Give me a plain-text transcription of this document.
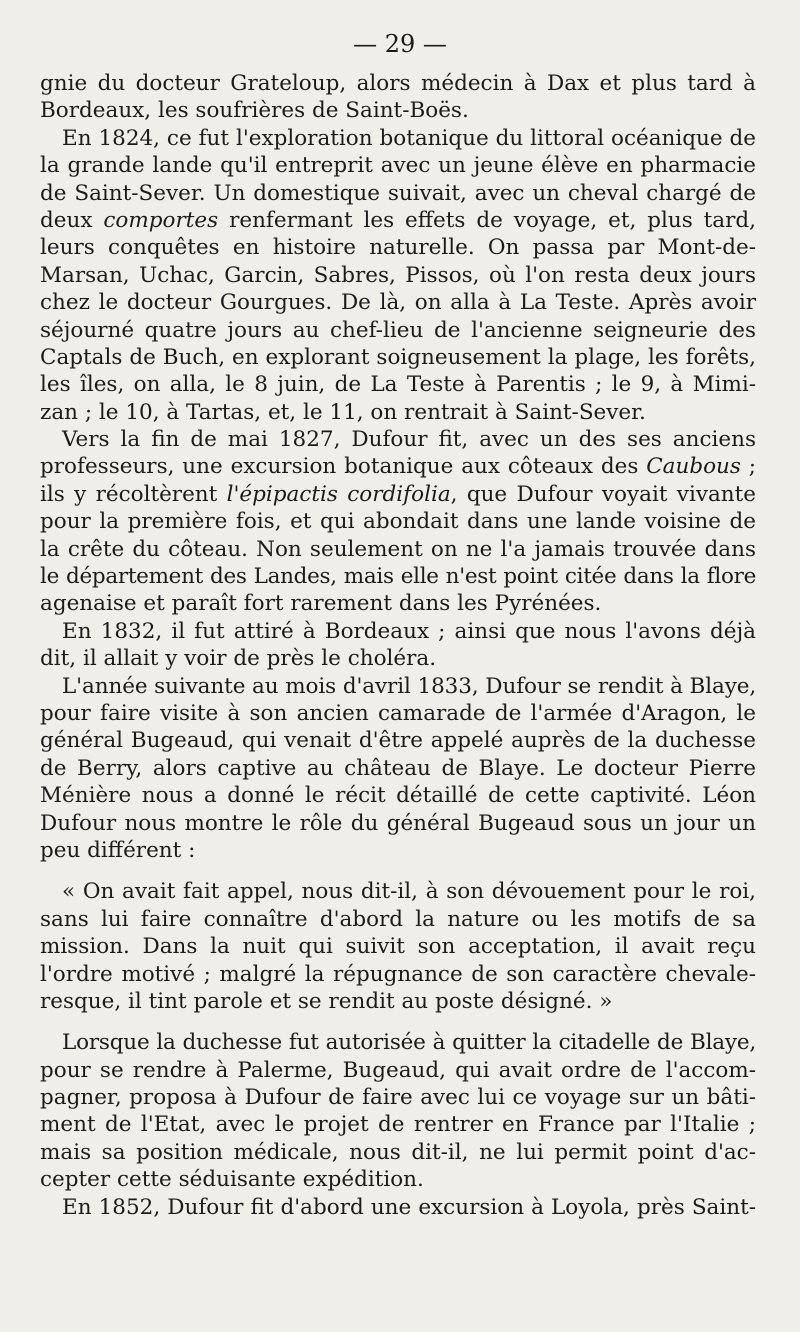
— 29 —
gnie du docteur Grateloup, alors médecin à Dax et plus tard à
Bordeaux, les soufrières de Saint-Boës.
En 1824, ce fut l'exploration botanique du littoral océanique de
la grande lande qu'il entreprit avec un jeune élève en pharmacie
de Saint-Sever. Un domestique suivait, avec un cheval chargé de
deux comportes renfermant les effets de voyage, et, plus tard,
leurs conquêtes en histoire naturelle. On passa par Mont-de-
Marsan, Uchac, Garcin, Sabres, Pissos, où l'on resta deux jours
chez le docteur Gourgues. De là, on alla à La Teste. Après avoir
séjourné quatre jours au chef-lieu de l'ancienne seigneurie des
Captals de Buch, en explorant soigneusement la plage, les forêts,
les îles, on alla, le 8 juin, de La Teste à Parentis ; le 9, à Mimi-
zan ; le 10, à Tartas, et, le 11, on rentrait à Saint-Sever.
Vers la fin de mai 1827, Dufour fit, avec un des ses anciens
professeurs, une excursion botanique aux côteaux des Caubous ;
ils y récoltèrent l'épipactis cordifolia, que Dufour voyait vivante
pour la première fois, et qui abondait dans une lande voisine de
la crête du côteau. Non seulement on ne l'a jamais trouvée dans
le département des Landes, mais elle n'est point citée dans la flore
agenaise et paraît fort rarement dans les Pyrénées.
En 1832, il fut attiré à Bordeaux ; ainsi que nous l'avons déjà
dit, il allait y voir de près le choléra.
L'année suivante au mois d'avril 1833, Dufour se rendit à Blaye,
pour faire visite à son ancien camarade de l'armée d'Aragon, le
général Bugeaud, qui venait d'être appelé auprès de la duchesse
de Berry, alors captive au château de Blaye. Le docteur Pierre
Ménière nous a donné le récit détaillé de cette captivité. Léon
Dufour nous montre le rôle du général Bugeaud sous un jour un
peu différent :
« On avait fait appel, nous dit-il, à son dévouement pour le roi,
sans lui faire connaître d'abord la nature ou les motifs de sa
mission. Dans la nuit qui suivit son acceptation, il avait reçu
l'ordre motivé ; malgré la répugnance de son caractère chevale-
resque, il tint parole et se rendit au poste désigné. »
Lorsque la duchesse fut autorisée à quitter la citadelle de Blaye,
pour se rendre à Palerme, Bugeaud, qui avait ordre de l'accom-
pagner, proposa à Dufour de faire avec lui ce voyage sur un bâti-
ment de l'Etat, avec le projet de rentrer en France par l'Italie ;
mais sa position médicale, nous dit-il, ne lui permit point d'ac-
cepter cette séduisante expédition.
En 1852, Dufour fit d'abord une excursion à Loyola, près Saint-
